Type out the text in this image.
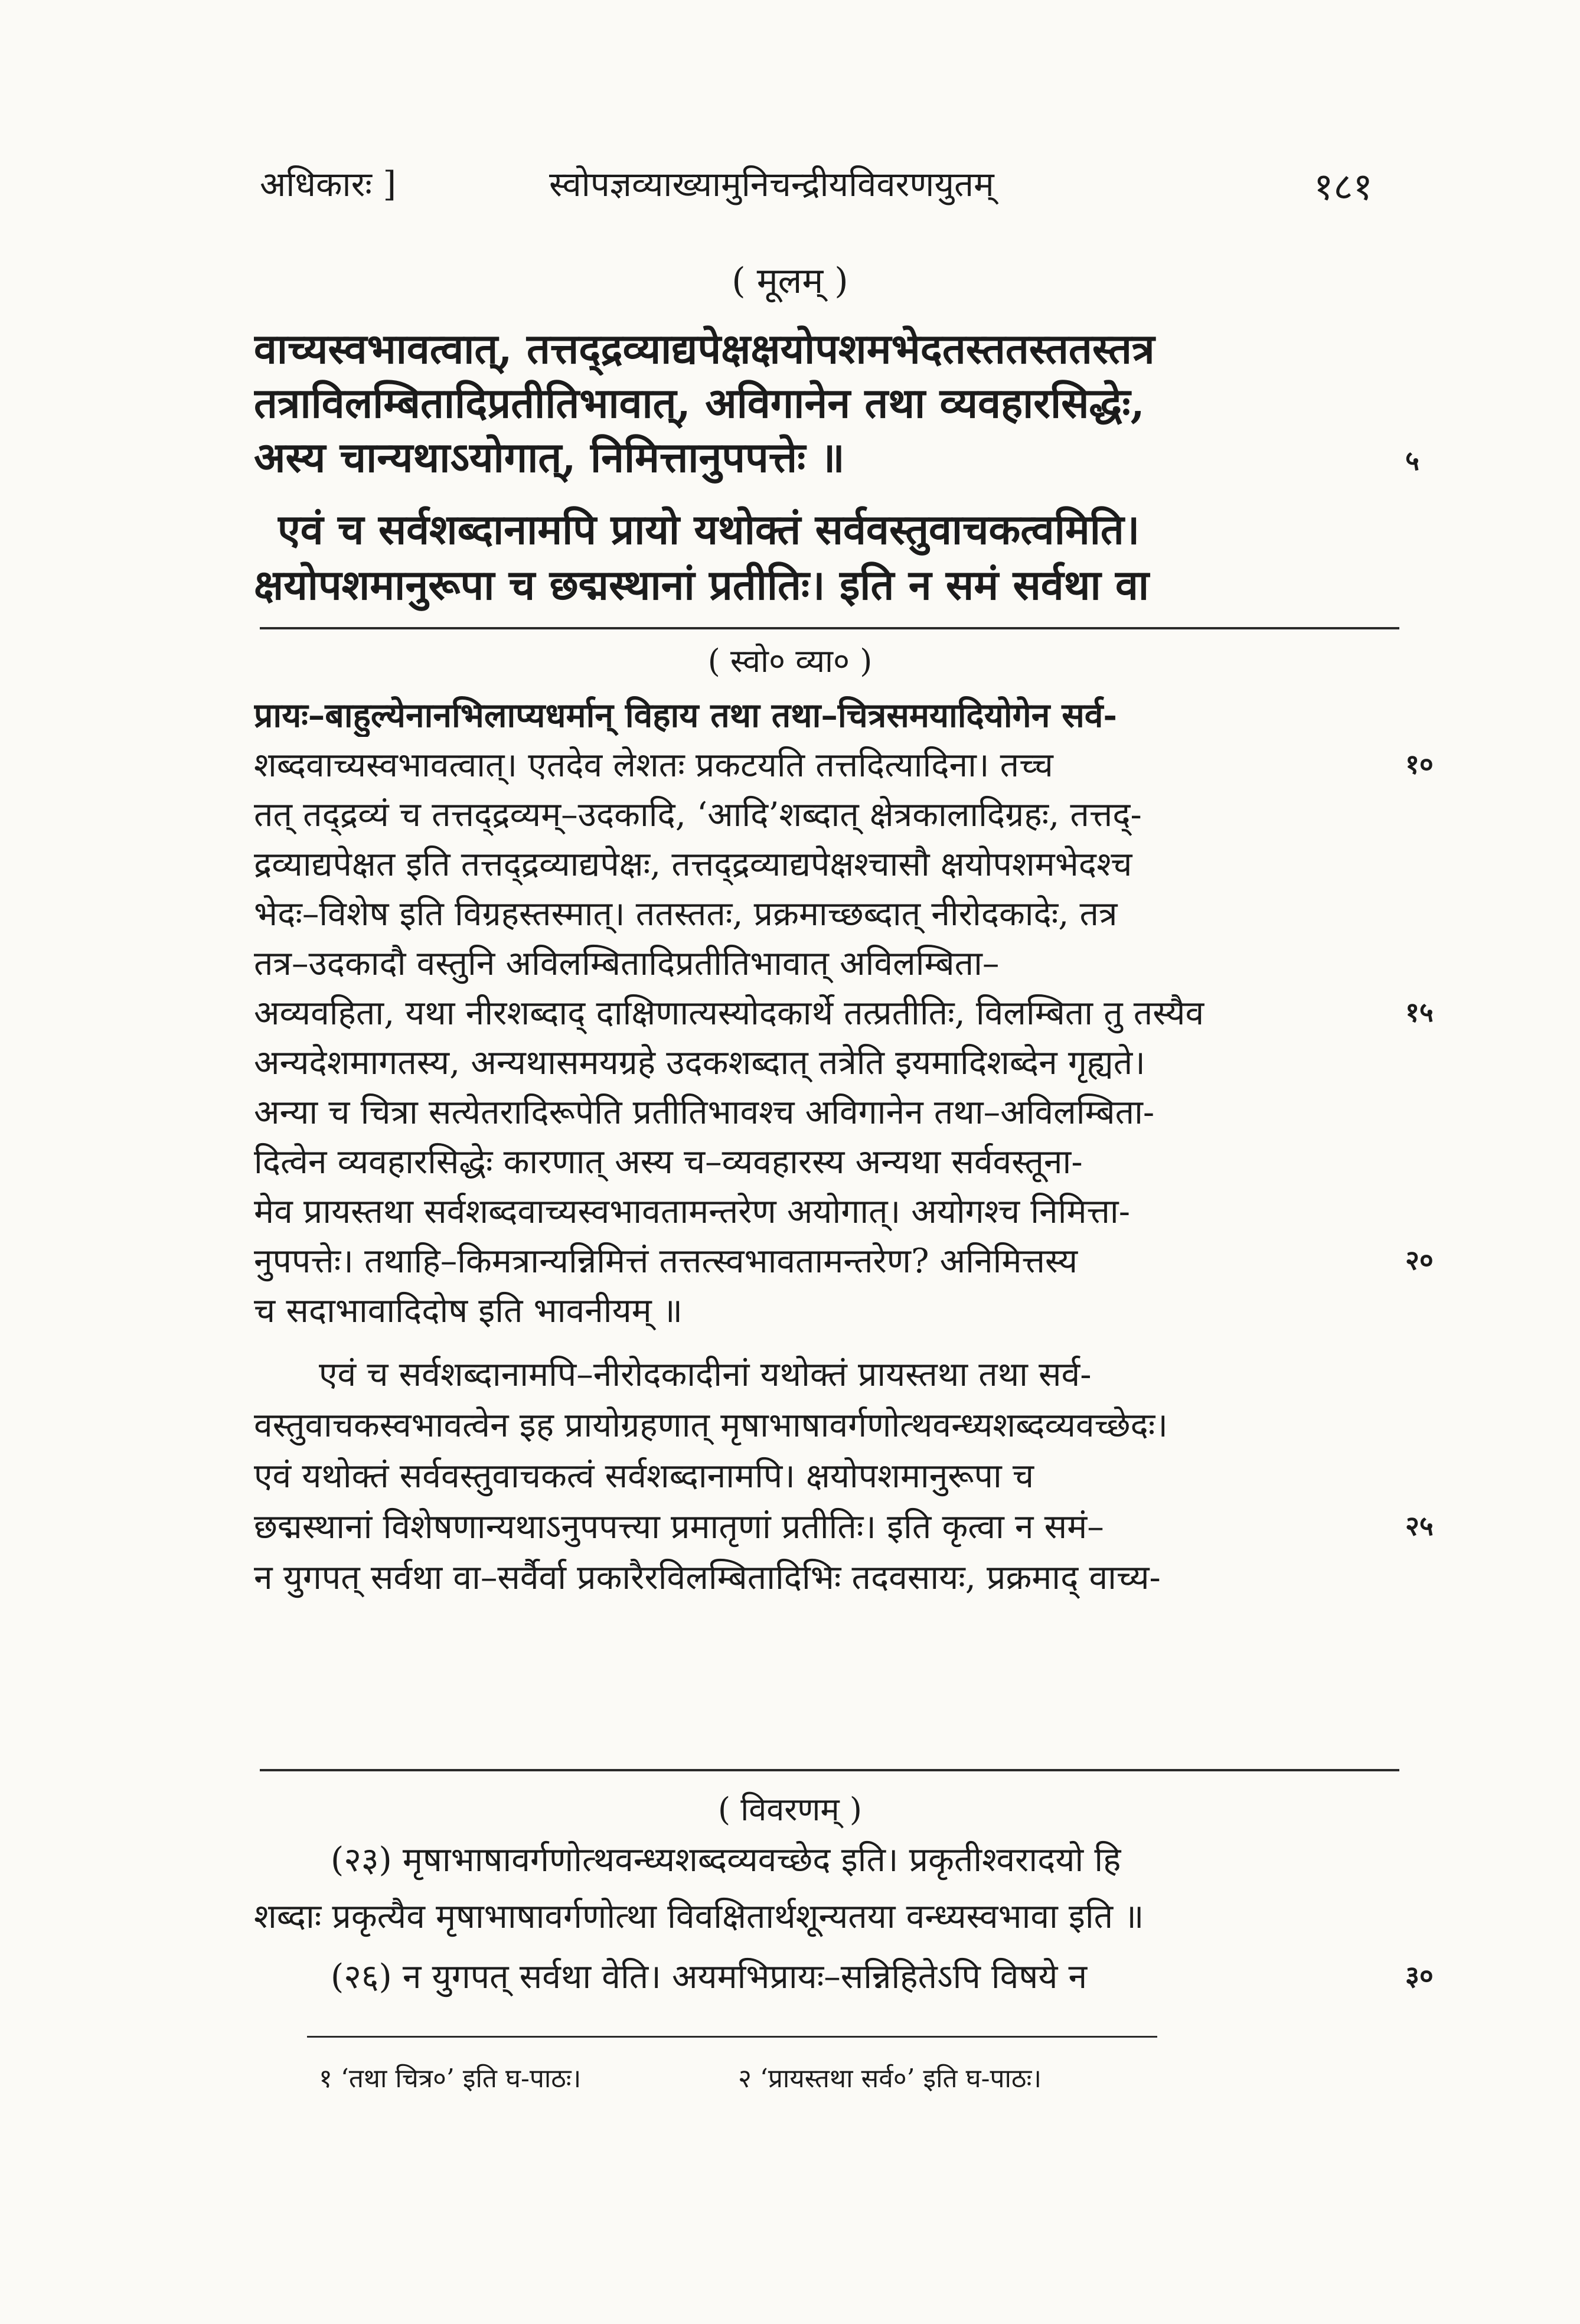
अधिकारः ]	स्वोपज्ञव्याख्यामुनिचन्द्रीयविवरणयुतम्	१८१
( मूलम् )
वाच्यस्वभावत्वात्, तत्तद्द्रव्याद्यपेक्षक्षयोपशमभेदतस्ततस्ततस्तत्र
तत्राविलम्बितादिप्रतीतिभावात्, अविगानेन तथा व्यवहारसिद्धेः,
अस्य चान्यथाऽयोगात्, निमित्तानुपपत्तेः ॥	५
एवं च सर्वशब्दानामपि प्रायो यथोक्तं सर्ववस्तुवाचकत्वमिति।
क्षयोपशमानुरूपा च छद्मस्थानां प्रतीतिः। इति न समं सर्वथा वा
( स्वो० व्या० )
प्रायः–बाहुल्येनानभिलाप्यधर्मान् विहाय तथा तथा–चित्रसमयादियोगेन सर्व-
शब्दवाच्यस्वभावत्वात्। एतदेव लेशतः प्रकटयति तत्तदित्यादिना। तच्च	१०
तत् तद्द्रव्यं च तत्तद्द्रव्यम्–उदकादि, ‘आदि’शब्दात् क्षेत्रकालादिग्रहः, तत्तद्-
द्रव्याद्यपेक्षत इति तत्तद्द्रव्याद्यपेक्षः, तत्तद्द्रव्याद्यपेक्षश्चासौ क्षयोपशमभेदश्च
भेदः–विशेष इति विग्रहस्तस्मात्। ततस्ततः, प्रक्रमाच्छब्दात् नीरोदकादेः, तत्र
तत्र–उदकादौ वस्तुनि अविलम्बितादिप्रतीतिभावात् अविलम्बिता–
अव्यवहिता, यथा नीरशब्दाद् दाक्षिणात्यस्योदकार्थे तत्प्रतीतिः, विलम्बिता तु तस्यैव	१५
अन्यदेशमागतस्य, अन्यथासमयग्रहे उदकशब्दात् तत्रेति इयमादिशब्देन गृह्यते।
अन्या च चित्रा सत्येतरादिरूपेति प्रतीतिभावश्च अविगानेन तथा–अविलम्बिता-
दित्वेन व्यवहारसिद्धेः कारणात् अस्य च–व्यवहारस्य अन्यथा सर्ववस्तूना-
मेव प्रायस्तथा सर्वशब्दवाच्यस्वभावतामन्तरेण अयोगात्। अयोगश्च निमित्ता-
नुपपत्तेः। तथाहि–किमत्रान्यन्निमित्तं तत्तत्स्वभावतामन्तरेण? अनिमित्तस्य	२०
च सदाभावादिदोष इति भावनीयम् ॥
एवं च सर्वशब्दानामपि–नीरोदकादीनां यथोक्तं प्रायस्तथा तथा सर्व-
वस्तुवाचकस्वभावत्वेन इह प्रायोग्रहणात् मृषाभाषावर्गणोत्थवन्ध्यशब्दव्यवच्छेदः।
एवं यथोक्तं सर्ववस्तुवाचकत्वं सर्वशब्दानामपि। क्षयोपशमानुरूपा च
छद्मस्थानां विशेषणान्यथाऽनुपपत्त्या प्रमातृणां प्रतीतिः। इति कृत्वा न समं–	२५
न युगपत् सर्वथा वा–सर्वैर्वा प्रकारैरविलम्बितादिभिः तदवसायः, प्रक्रमाद् वाच्य-
( विवरणम् )
(२३) मृषाभाषावर्गणोत्थवन्ध्यशब्दव्यवच्छेद इति। प्रकृतीश्वरादयो हि
शब्दाः प्रकृत्यैव मृषाभाषावर्गणोत्था विवक्षितार्थशून्यतया वन्ध्यस्वभावा इति ॥
(२६) न युगपत् सर्वथा वेति। अयमभिप्रायः–सन्निहितेऽपि विषये न	३०
१ ‘तथा चित्र०’ इति घ-पाठः।	२ ‘प्रायस्तथा सर्व०’ इति घ-पाठः।
